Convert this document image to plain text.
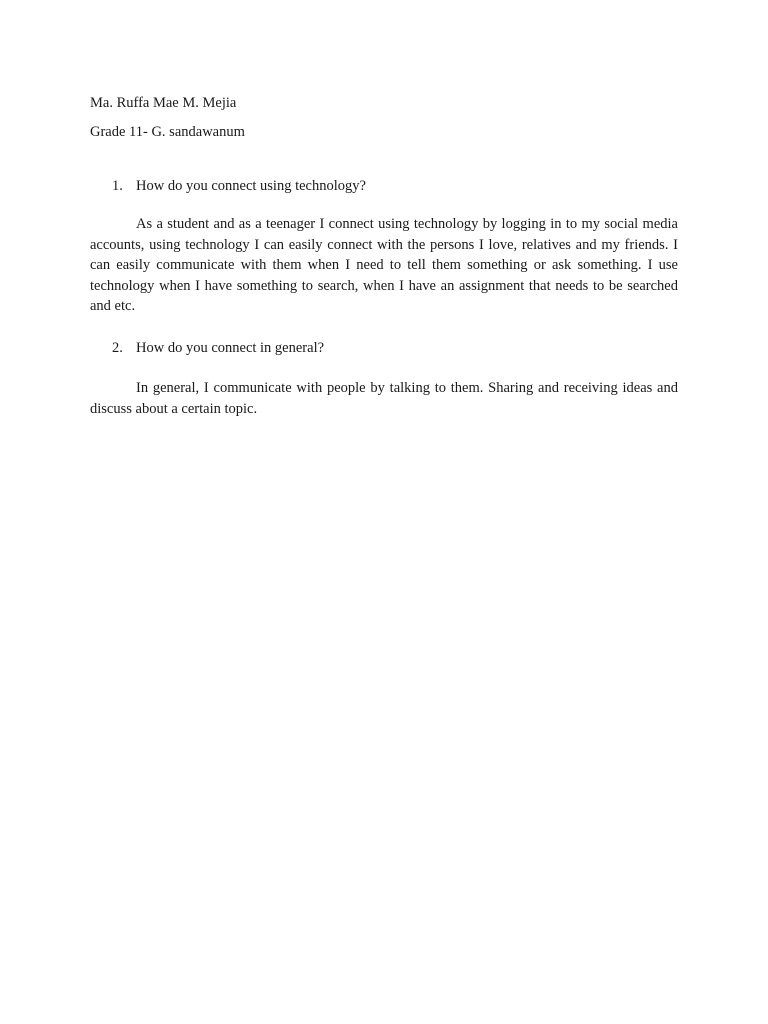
Ma. Ruffa Mae M. Mejia
Grade 11- G. sandawanum
1. How do you connect using technology?

As a student and as a teenager I connect using technology by logging in to my social media accounts, using technology I can easily connect with the persons I love, relatives and my friends. I can easily communicate with them when I need to tell them something or ask something. I use technology when I have something to search, when I have an assignment that needs to be searched and etc.

2. How do you connect in general?

In general, I communicate with people by talking to them. Sharing and receiving ideas and discuss about a certain topic.
